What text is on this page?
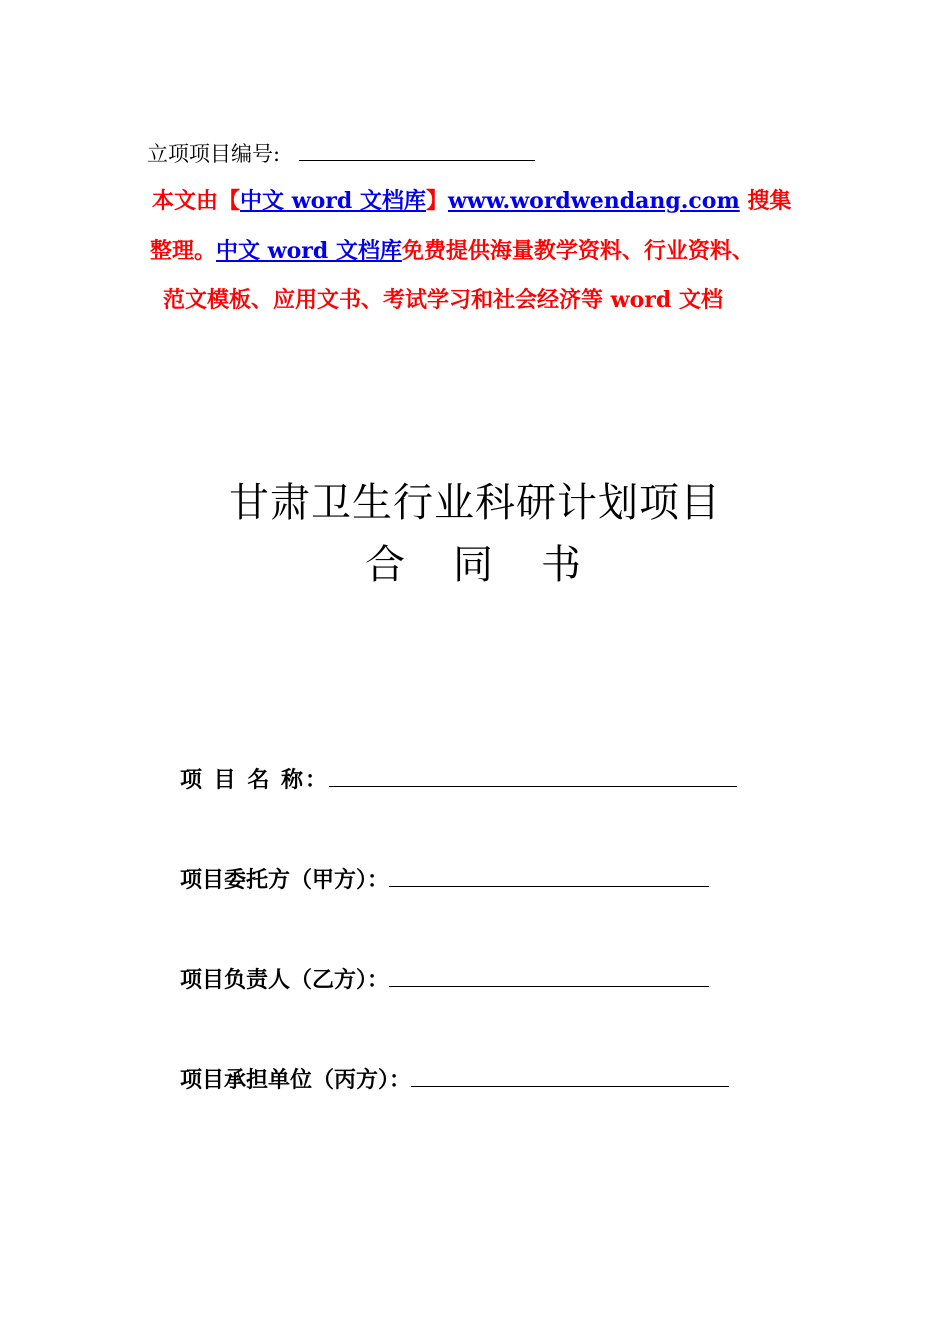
立项项目编号:
本文由【中文 word 文档库】www.wordwendang.com 搜集
整理。中文 word 文档库免费提供海量教学资料、行业资料、
范文模板、应用文书、考试学习和社会经济等 word 文档
甘肃卫生行业科研计划项目
合　同　书
项 目 名 称：
项目委托方（甲方）：
项目负责人（乙方）：
项目承担单位（丙方）：
